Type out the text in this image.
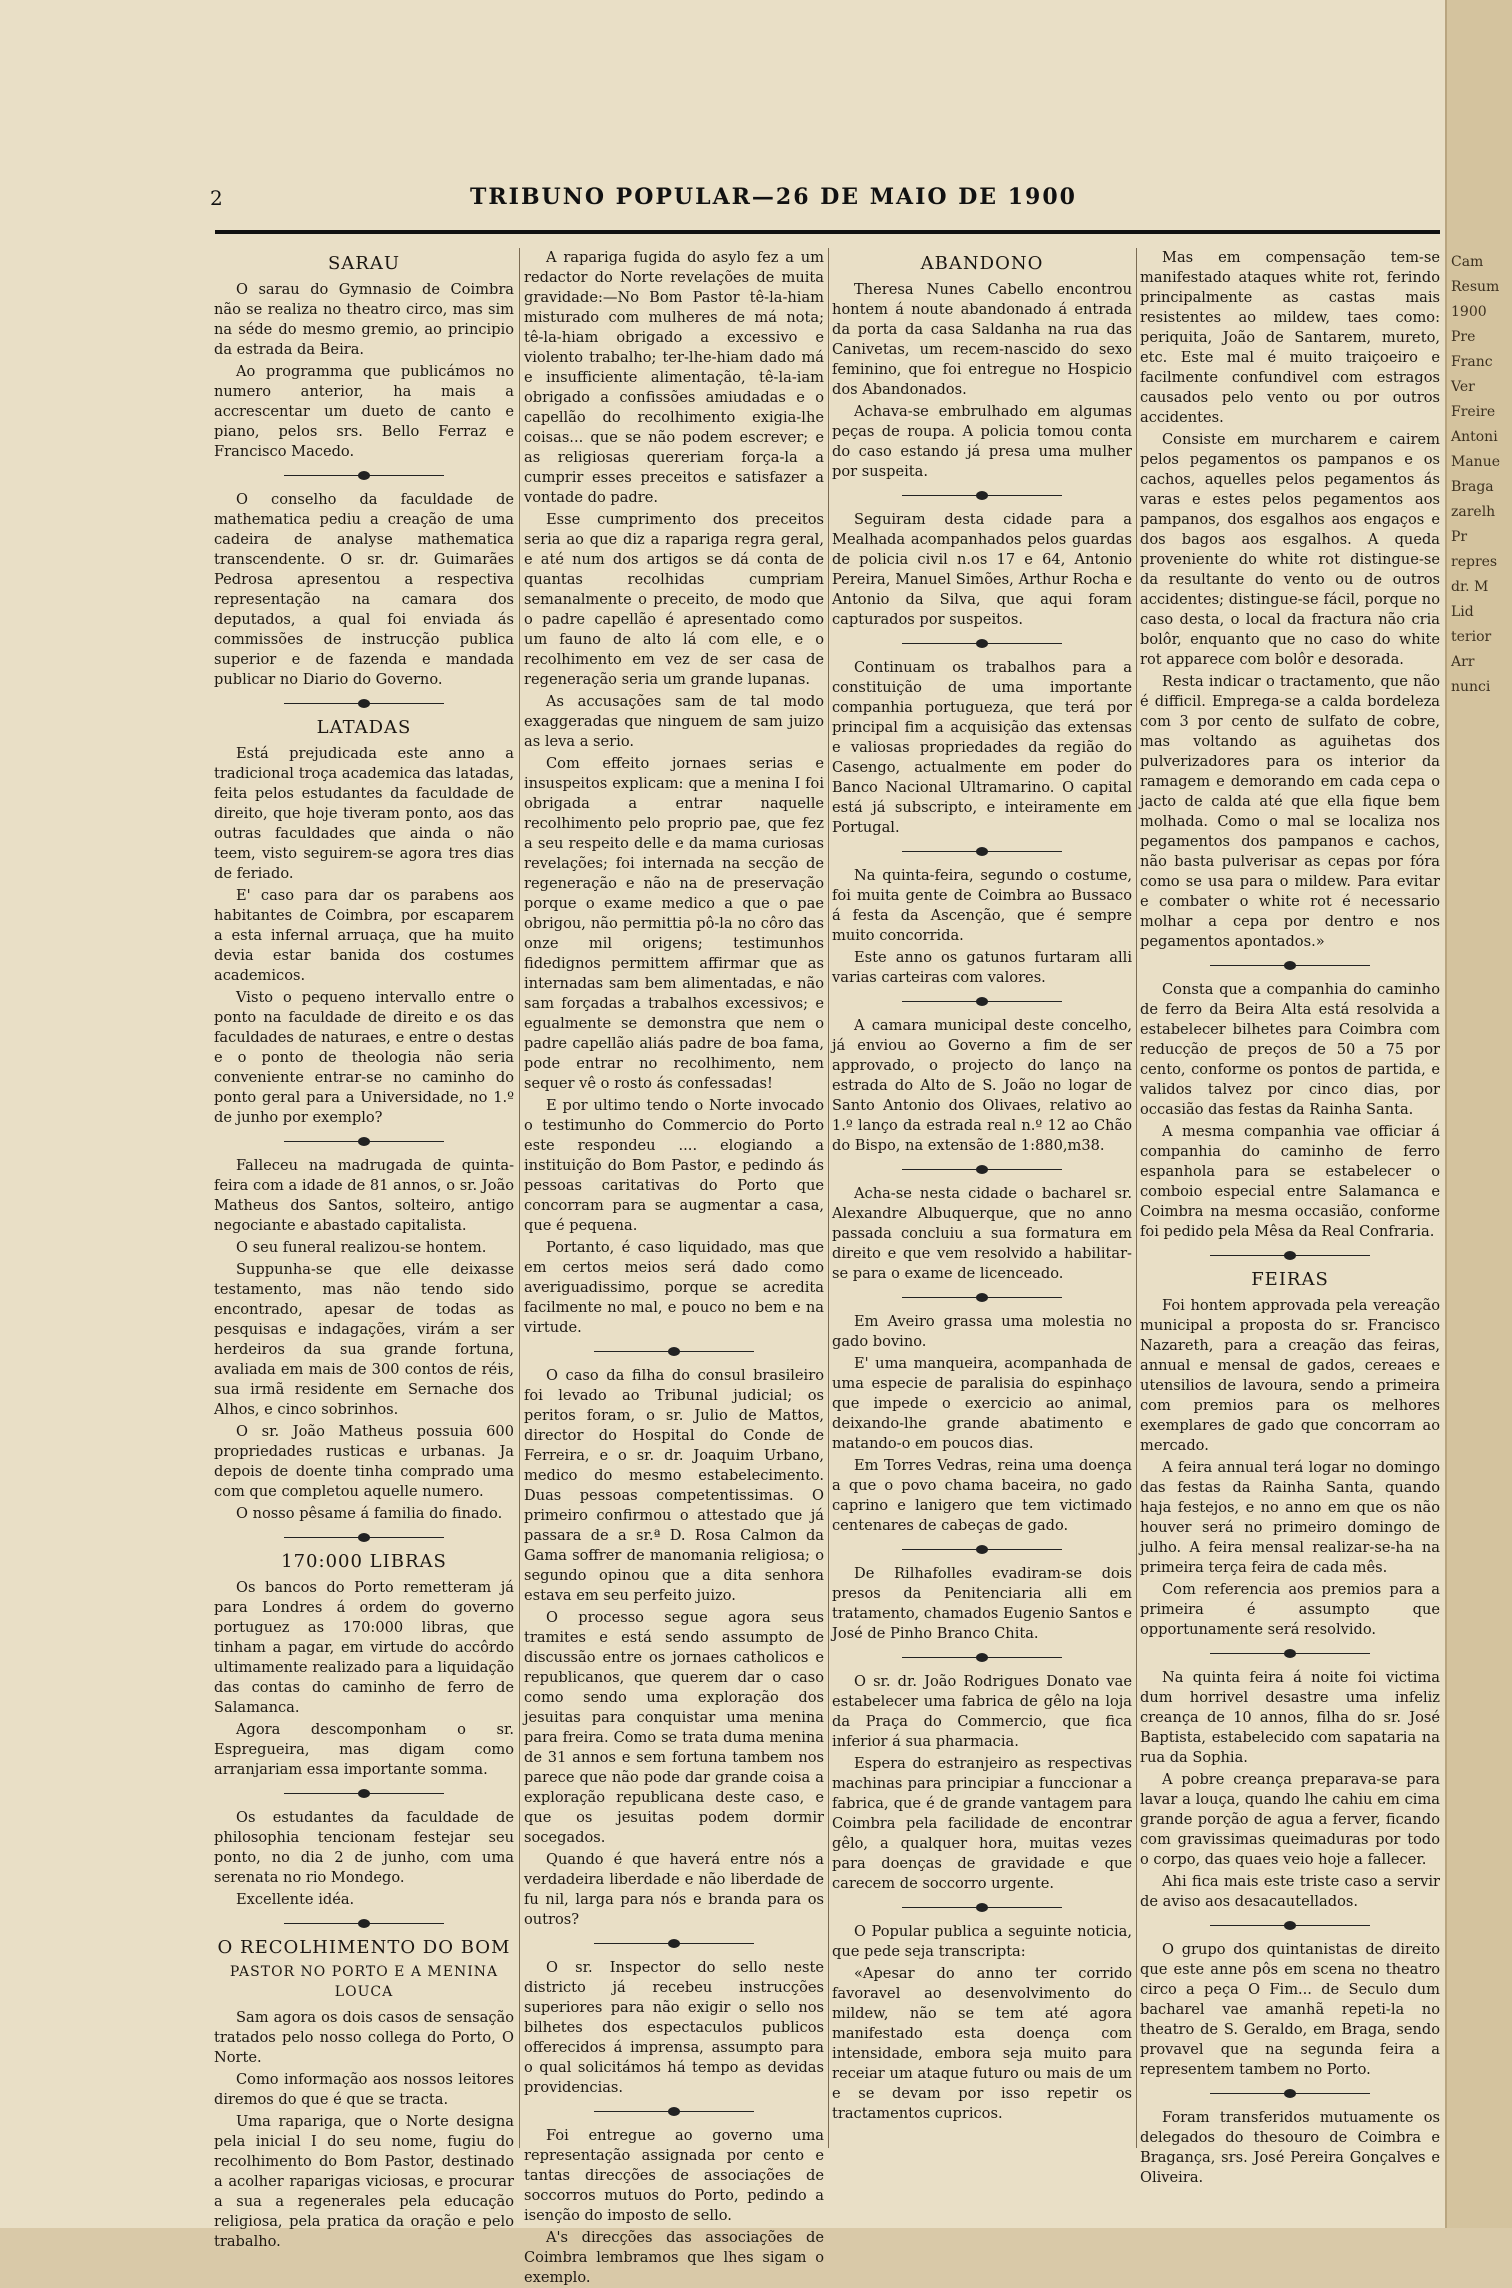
2	TRIBUNO POPULAR—26 DE MAIO DE 1900
SARAU

O sarau do Gymnasio de Coimbra não se realiza no theatro circo, mas sim na séde do mesmo gremio, ao principio da estrada da Beira.

Ao programma que publicámos no numero anterior, ha mais a accrescentar um dueto de canto e piano, pelos srs. Bello Ferraz e Francisco Macedo.

O conselho da faculdade de mathematica pediu a creação de uma cadeira de analyse mathematica transcendente. O sr. dr. Guimarães Pedrosa apresentou a respectiva representação na camara dos deputados, a qual foi enviada ás commissões de instrucção publica superior e de fazenda e mandada publicar no Diario do Governo.

LATADAS

Está prejudicada este anno a tradicional troça academica das latadas, feita pelos estudantes da faculdade de direito, que hoje tiveram ponto, aos das outras faculdades que ainda o não teem, visto seguirem-se agora tres dias de feriado.

E' caso para dar os parabens aos habitantes de Coimbra, por escaparem a esta infernal arruaça, que ha muito devia estar banida dos costumes academicos.

Visto o pequeno intervallo entre o ponto na faculdade de direito e os das faculdades de naturaes, e entre o destas e o ponto de theologia não seria conveniente entrar-se no caminho do ponto geral para a Universidade, no 1.º de junho por exemplo?

Falleceu na madrugada de quinta-feira com a idade de 81 annos, o sr. João Matheus dos Santos, solteiro, antigo negociante e abastado capitalista.

O seu funeral realizou-se hontem.

Suppunha-se que elle deixasse testamento, mas não tendo sido encontrado, apesar de todas as pesquisas e indagações, virám a ser herdeiros da sua grande fortuna, avaliada em mais de 300 contos de réis, sua irmã residente em Sernache dos Alhos, e cinco sobrinhos.

O sr. João Matheus possuia 600 propriedades rusticas e urbanas. Ja depois de doente tinha comprado uma com que completou aquelle numero.

O nosso pêsame á familia do finado.

170:000 LIBRAS

Os bancos do Porto remetteram já para Londres á ordem do governo portuguez as 170:000 libras, que tinham a pagar, em virtude do accôrdo ultimamente realizado para a liquidação das contas do caminho de ferro de Salamanca.

Agora descomponham o sr. Espregueira, mas digam como arranjariam essa importante somma.

Os estudantes da faculdade de philosophia tencionam festejar seu ponto, no dia 2 de junho, com uma serenata no rio Mondego.

Excellente idéa.

O RECOLHIMENTO DO BOM
PASTOR NO PORTO E A MENINA LOUCA

Sam agora os dois casos de sensação tratados pelo nosso collega do Porto, O Norte.

Como informação aos nossos leitores diremos do que é que se tracta.

Uma rapariga, que o Norte designa pela inicial I do seu nome, fugiu do recolhimento do Bom Pastor, destinado a acolher raparigas viciosas, e procurar a sua a regenerales pela educação religiosa, pela pratica da oração e pelo trabalho.

A rapariga fugida do asylo fez a um redactor do Norte revelações de muita gravidade:—No Bom Pastor tê-la-hiam misturado com mulheres de má nota; tê-la-hiam obrigado a excessivo e violento trabalho; ter-lhe-hiam dado má e insufficiente alimentação, tê-la-iam obrigado a confissões amiudadas e o capellão do recolhimento exigia-lhe coisas... que se não podem escrever; e as religiosas quereriam força-la a cumprir esses preceitos e satisfazer a vontade do padre.

Esse cumprimento dos preceitos seria ao que diz a rapariga regra geral, e até num dos artigos se dá conta de quantas recolhidas cumpriam semanalmente o preceito, de modo que o padre capellão é apresentado como um fauno de alto lá com elle, e o recolhimento em vez de ser casa de regeneração seria um grande lupanas.

As accusações sam de tal modo exaggeradas que ninguem de sam juizo as leva a serio.

Com effeito jornaes serias e insuspeitos explicam: que a menina I foi obrigada a entrar naquelle recolhimento pelo proprio pae, que fez a seu respeito delle e da mama curiosas revelações; foi internada na secção de regeneração e não na de preservação porque o exame medico a que o pae obrigou, não permittia pô-la no côro das onze mil origens; testimunhos fidedignos permittem affirmar que as internadas sam bem alimentadas, e não sam forçadas a trabalhos excessivos; e egualmente se demonstra que nem o padre capellão aliás padre de boa fama, pode entrar no recolhimento, nem sequer vê o rosto ás confessadas!

E por ultimo tendo o Norte invocado o testimunho do Commercio do Porto este respondeu .... elogiando a instituição do Bom Pastor, e pedindo ás pessoas caritativas do Porto que concorram para se augmentar a casa, que é pequena.

Portanto, é caso liquidado, mas que em certos meios será dado como averiguadissimo, porque se acredita facilmente no mal, e pouco no bem e na virtude.

O caso da filha do consul brasileiro foi levado ao Tribunal judicial; os peritos foram, o sr. Julio de Mattos, director do Hospital do Conde de Ferreira, e o sr. dr. Joaquim Urbano, medico do mesmo estabelecimento. Duas pessoas competentissimas. O primeiro confirmou o attestado que já passara de a sr.ª D. Rosa Calmon da Gama soffrer de manomania religiosa; o segundo opinou que a dita senhora estava em seu perfeito juizo.

O processo segue agora seus tramites e está sendo assumpto de discussão entre os jornaes catholicos e republicanos, que querem dar o caso como sendo uma exploração dos jesuitas para conquistar uma menina para freira. Como se trata duma menina de 31 annos e sem fortuna tambem nos parece que não pode dar grande coisa a exploração republicana deste caso, e que os jesuitas podem dormir socegados.

Quando é que haverá entre nós a verdadeira liberdade e não liberdade de fu nil, larga para nós e branda para os outros?

O sr. Inspector do sello neste districto já recebeu instrucções superiores para não exigir o sello nos bilhetes dos espectaculos publicos offerecidos á imprensa, assumpto para o qual solicitámos há tempo as devidas providencias.

Foi entregue ao governo uma representação assignada por cento e tantas direcções de associações de soccorros mutuos do Porto, pedindo a isenção do imposto de sello.

A's direcções das associações de Coimbra lembramos que lhes sigam o exemplo.

ABANDONO

Theresa Nunes Cabello encontrou hontem á noute abandonado á entrada da porta da casa Saldanha na rua das Canivetas, um recem-nascido do sexo feminino, que foi entregue no Hospicio dos Abandonados.

Achava-se embrulhado em algumas peças de roupa. A policia tomou conta do caso estando já presa uma mulher por suspeita.

Seguiram desta cidade para a Mealhada acompanhados pelos guardas de policia civil n.os 17 e 64, Antonio Pereira, Manuel Simões, Arthur Rocha e Antonio da Silva, que aqui foram capturados por suspeitos.

Continuam os trabalhos para a constituição de uma importante companhia portugueza, que terá por principal fim a acquisição das extensas e valiosas propriedades da região do Casengo, actualmente em poder do Banco Nacional Ultramarino. O capital está já subscripto, e inteiramente em Portugal.

Na quinta-feira, segundo o costume, foi muita gente de Coimbra ao Bussaco á festa da Ascenção, que é sempre muito concorrida.

Este anno os gatunos furtaram alli varias carteiras com valores.

A camara municipal deste concelho, já enviou ao Governo a fim de ser approvado, o projecto do lanço na estrada do Alto de S. João no logar de Santo Antonio dos Olivaes, relativo ao 1.º lanço da estrada real n.º 12 ao Chão do Bispo, na extensão de 1:880,m38.

Acha-se nesta cidade o bacharel sr. Alexandre Albuquerque, que no anno passada concluiu a sua formatura em direito e que vem resolvido a habilitar-se para o exame de licenceado.

Em Aveiro grassa uma molestia no gado bovino.

E' uma manqueira, acompanhada de uma especie de paralisia do espinhaço que impede o exercicio ao animal, deixando-lhe grande abatimento e matando-o em poucos dias.

Em Torres Vedras, reina uma doença a que o povo chama baceira, no gado caprino e lanigero que tem victimado centenares de cabeças de gado.

De Rilhafolles evadiram-se dois presos da Penitenciaria alli em tratamento, chamados Eugenio Santos e José de Pinho Branco Chita.

O sr. dr. João Rodrigues Donato vae estabelecer uma fabrica de gêlo na loja da Praça do Commercio, que fica inferior á sua pharmacia.

Espera do estranjeiro as respectivas machinas para principiar a funccionar a fabrica, que é de grande vantagem para Coimbra pela facilidade de encontrar gêlo, a qualquer hora, muitas vezes para doenças de gravidade e que carecem de soccorro urgente.

O Popular publica a seguinte noticia, que pede seja transcripta:

«Apesar do anno ter corrido favoravel ao desenvolvimento do mildew, não se tem até agora manifestado esta doença com intensidade, embora seja muito para receiar um ataque futuro ou mais de um e se devam por isso repetir os tractamentos cupricos.

Mas em compensação tem-se manifestado ataques white rot, ferindo principalmente as castas mais resistentes ao mildew, taes como: periquita, João de Santarem, mureto, etc. Este mal é muito traiçoeiro e facilmente confundivel com estragos causados pelo vento ou por outros accidentes.

Consiste em murcharem e cairem pelos pegamentos os pampanos e os cachos, aquelles pelos pegamentos ás varas e estes pelos pegamentos aos pampanos, dos esgalhos aos engaços e dos bagos aos esgalhos. A queda proveniente do white rot distingue-se da resultante do vento ou de outros accidentes; distingue-se fácil, porque no caso desta, o local da fractura não cria bolôr, enquanto que no caso do white rot apparece com bolôr e desorada.

Resta indicar o tractamento, que não é difficil. Emprega-se a calda bordeleza com 3 por cento de sulfato de cobre, mas voltando as aguihetas dos pulverizadores para os interior da ramagem e demorando em cada cepa o jacto de calda até que ella fique bem molhada. Como o mal se localiza nos pegamentos dos pampanos e cachos, não basta pulverisar as cepas por fóra como se usa para o mildew. Para evitar e combater o white rot é necessario molhar a cepa por dentro e nos pegamentos apontados.»

Consta que a companhia do caminho de ferro da Beira Alta está resolvida a estabelecer bilhetes para Coimbra com reducção de preços de 50 a 75 por cento, conforme os pontos de partida, e validos talvez por cinco dias, por occasião das festas da Rainha Santa.

A mesma companhia vae officiar á companhia do caminho de ferro espanhola para se estabelecer o comboio especial entre Salamanca e Coimbra na mesma occasião, conforme foi pedido pela Mêsa da Real Confraria.

FEIRAS

Foi hontem approvada pela vereação municipal a proposta do sr. Francisco Nazareth, para a creação das feiras, annual e mensal de gados, cereaes e utensilios de lavoura, sendo a primeira com premios para os melhores exemplares de gado que concorram ao mercado.

A feira annual terá logar no domingo das festas da Rainha Santa, quando haja festejos, e no anno em que os não houver será no primeiro domingo de julho. A feira mensal realizar-se-ha na primeira terça feira de cada mês.

Com referencia aos premios para a primeira é assumpto que opportunamente será resolvido.

Na quinta feira á noite foi victima dum horrivel desastre uma infeliz creança de 10 annos, filha do sr. José Baptista, estabelecido com sapataria na rua da Sophia.

A pobre creança preparava-se para lavar a louça, quando lhe cahiu em cima grande porção de agua a ferver, ficando com gravissimas queimaduras por todo o corpo, das quaes veio hoje a fallecer.

Ahi fica mais este triste caso a servir de aviso aos desacautellados.

O grupo dos quintanistas de direito que este anne pôs em scena no theatro circo a peça O Fim... de Seculo dum bacharel vae amanhã repeti-la no theatro de S. Geraldo, em Braga, sendo provavel que na segunda feira a representem tambem no Porto.

Foram transferidos mutuamente os delegados do thesouro de Coimbra e Bragança, srs. José Pereira Gonçalves e Oliveira.

Cam
Resum
1900
Pre
Franc
Ver
Freire
Antoni
Manue
Braga
zarelh
Pr
repres
dr. M
Lid
terior
Arr
nunci
